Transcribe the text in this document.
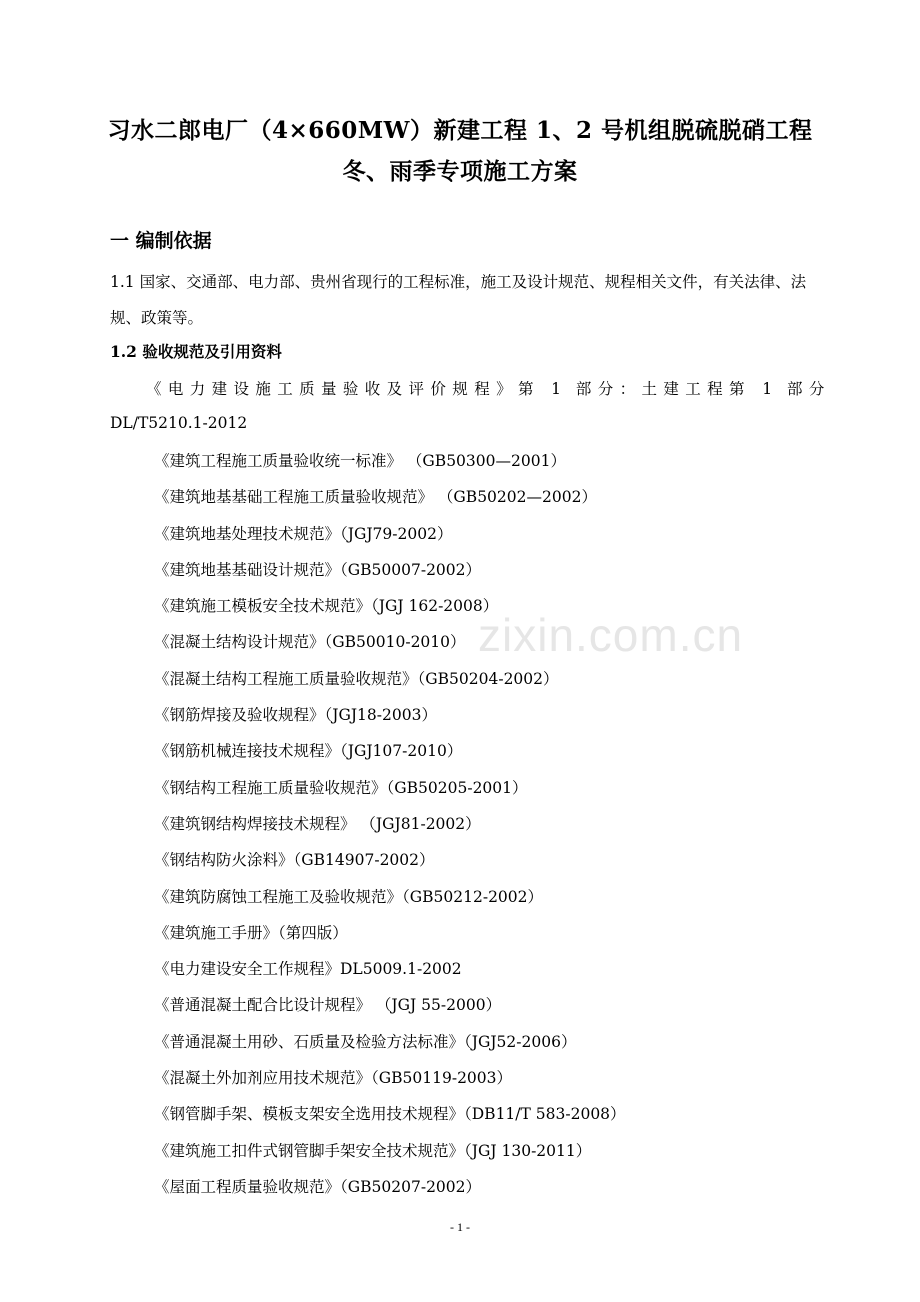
习水二郎电厂（4×660MW）新建工程 1、2 号机组脱硫脱硝工程
冬、雨季专项施工方案
一 编制依据
1.1 国家、交通部、电力部、贵州省现行的工程标准，施工及设计规范、规程相关文件，有关法律、法规、政策等。
1.2 验收规范及引用资料
《电力建设施工质量验收及评价规程》第 1 部分：土建工程第 1 部分 DL/T5210.1-2012
《建筑工程施工质量验收统一标准》 （GB50300—2001）
《建筑地基基础工程施工质量验收规范》 （GB50202—2002）
《建筑地基处理技术规范》（JGJ79-2002）
《建筑地基基础设计规范》（GB50007-2002）
《建筑施工模板安全技术规范》（JGJ 162-2008）
《混凝土结构设计规范》（GB50010-2010）
《混凝土结构工程施工质量验收规范》（GB50204-2002）
《钢筋焊接及验收规程》（JGJ18-2003）
《钢筋机械连接技术规程》（JGJ107-2010）
《钢结构工程施工质量验收规范》（GB50205-2001）
《建筑钢结构焊接技术规程》 （JGJ81-2002）
《钢结构防火涂料》（GB14907-2002）
《建筑防腐蚀工程施工及验收规范》（GB50212-2002）
《建筑施工手册》（第四版）
《电力建设安全工作规程》DL5009.1-2002
《普通混凝土配合比设计规程》 （JGJ 55-2000）
《普通混凝土用砂、石质量及检验方法标准》（JGJ52-2006）
《混凝土外加剂应用技术规范》（GB50119-2003）
《钢管脚手架、模板支架安全选用技术规程》（DB11/T 583-2008）
《建筑施工扣件式钢管脚手架安全技术规范》（JGJ 130-2011）
《屋面工程质量验收规范》（GB50207-2002）
zixin.com.cn
- 1 -
